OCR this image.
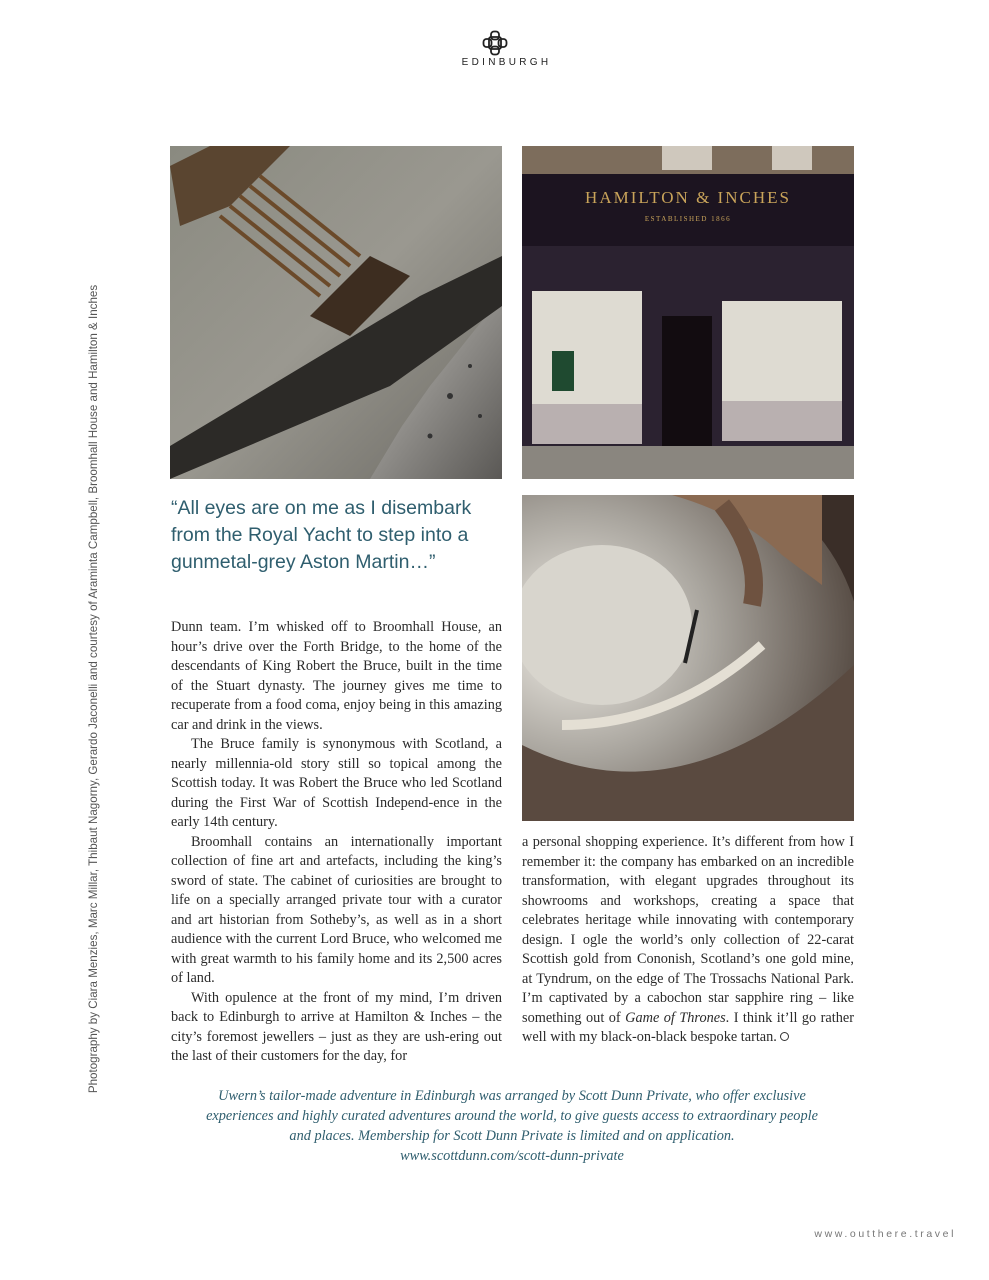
EDINBURGH
Photography by Ciara Menzies, Marc Millar, Thibaut Nagorny, Gerardo Jaconelli and courtesy of Araminta Campbell, Broomhall House and Hamilton & Inches
HAMILTON & INCHES
ESTABLISHED 1866

“All eyes are on me as I disembark from the Royal Yacht to step into a gunmetal-grey Aston Martin…”

Dunn team. I’m whisked off to Broomhall House, an hour’s drive over the Forth Bridge, to the home of the descendants of King Robert the Bruce, built in the time of the Stuart dynasty. The journey gives me time to recuperate from a food coma, enjoy being in this amazing car and drink in the views.

The Bruce family is synonymous with Scotland, a nearly millennia-old story still so topical among the Scottish today. It was Robert the Bruce who led Scotland during the First War of Scottish Independ-ence in the early 14th century.

Broomhall contains an internationally important collection of fine art and artefacts, including the king’s sword of state. The cabinet of curiosities are brought to life on a specially arranged private tour with a curator and art historian from Sotheby’s, as well as in a short audience with the current Lord Bruce, who welcomed me with great warmth to his family home and its 2,500 acres of land.

With opulence at the front of my mind, I’m driven back to Edinburgh to arrive at Hamilton & Inches – the city’s foremost jewellers – just as they are ush-ering out the last of their customers for the day, for

a personal shopping experience. It’s different from how I remember it: the company has embarked on an incredible transformation, with elegant upgrades throughout its showrooms and workshops, creating a space that celebrates heritage while innovating with contemporary design. I ogle the world’s only collection of 22-carat Scottish gold from Cononish, Scotland’s one gold mine, at Tyndrum, on the edge of The Trossachs National Park. I’m captivated by a cabochon star sapphire ring – like something out of Game of Thrones. I think it’ll go rather well with my black-on-black bespoke tartan.

Uwern’s tailor-made adventure in Edinburgh was arranged by Scott Dunn Private, who offer exclusive
experiences and highly curated adventures around the world, to give guests access to extraordinary people
and places. Membership for Scott Dunn Private is limited and on application.
www.scottdunn.com/scott-dunn-private
www.outthere.travel
